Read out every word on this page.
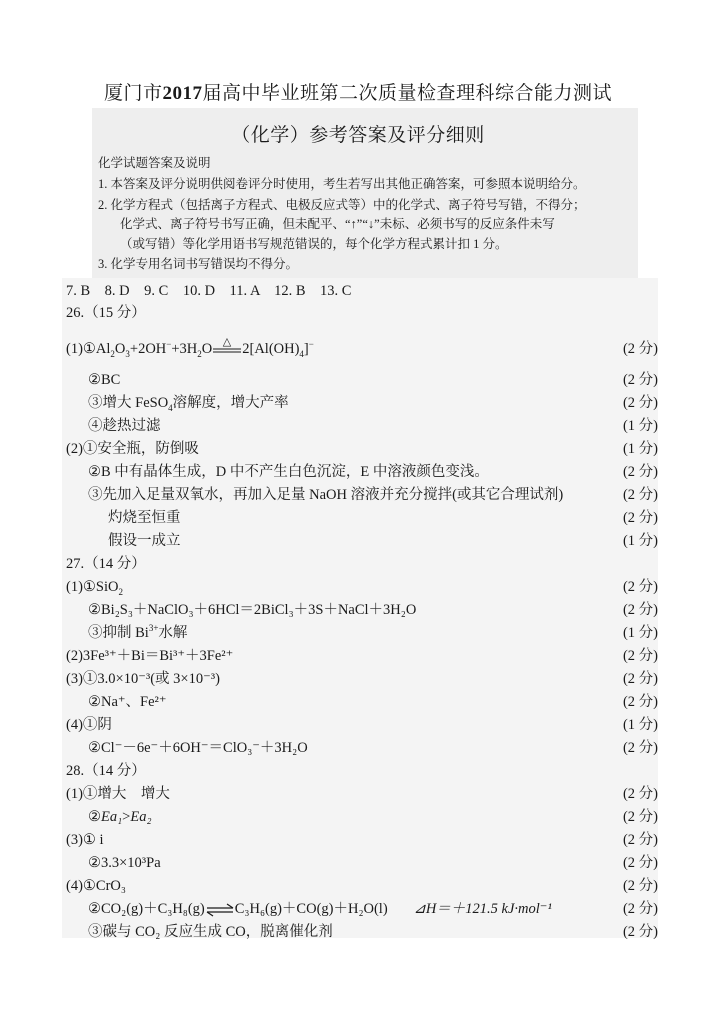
厦门市2017届高中毕业班第二次质量检查理科综合能力测试
（化学）参考答案及评分细则
化学试题答案及说明
1. 本答案及评分说明供阅卷评分时使用，考生若写出其他正确答案，可参照本说明给分。
2. 化学方程式（包括离子方程式、电极反应式等）中的化学式、离子符号写错，不得分；
化学式、离子符号书写正确，但未配平、“↑”“↓”未标、必须书写的反应条件未写
（或写错）等化学用语书写规范错误的，每个化学方程式累计扣 1 分。
3. 化学专用名词书写错误均不得分。
7. B　8. D　9. C　10. D　11. A　12. B　13. C
26.（15 分）
$(1)①Al_2O_3+2OH^-+3H_2O$ △ $2[Al(OH)_4]^-$	(2 分)
②BC	(2 分)
③增大 FeSO$_4$溶解度，增大产率	(2 分)
④趁热过滤	(1 分)
(2)①安全瓶，防倒吸	(1 分)
②B 中有晶体生成，D 中不产生白色沉淀，E 中溶液颜色变浅。	(2 分)
③先加入足量双氧水，再加入足量 NaOH 溶液并充分搅拌(或其它合理试剂)	(2 分)
灼烧至恒重	(2 分)
假设一成立	(1 分)
27.（14 分）
(1)①SiO$_2$	(2 分)
②Bi₂S₃＋NaClO₃＋6HCl＝2BiCl₃＋3S＋NaCl＋3H₂O	(2 分)
③抑制 $Bi^{3+}$水解	(1 分)
(2)3Fe³⁺＋Bi＝Bi³⁺＋3Fe²⁺	(2 分)
(3)①3.0×10⁻³(或 3×10⁻³)	(2 分)
②Na⁺、Fe²⁺	(2 分)
(4)①阴	(1 分)
②Cl⁻－6e⁻＋6OH⁻＝ClO₃⁻＋3H₂O	(2 分)
28.（14 分）
(1)①增大　增大	(2 分)
②Ea₁>Ea₂	(2 分)
(3)① i	(2 分)
②3.3×10³Pa	(2 分)
(4)①CrO₃	(2 分)
②CO₂(g)＋C₃H₈(g)⇌C₃H₆(g)＋CO(g)＋H₂O(l) ⊿H＝＋121.5 kJ·mol⁻¹	(2 分)
③碳与 CO₂ 反应生成 CO，脱离催化剂	(2 分)
